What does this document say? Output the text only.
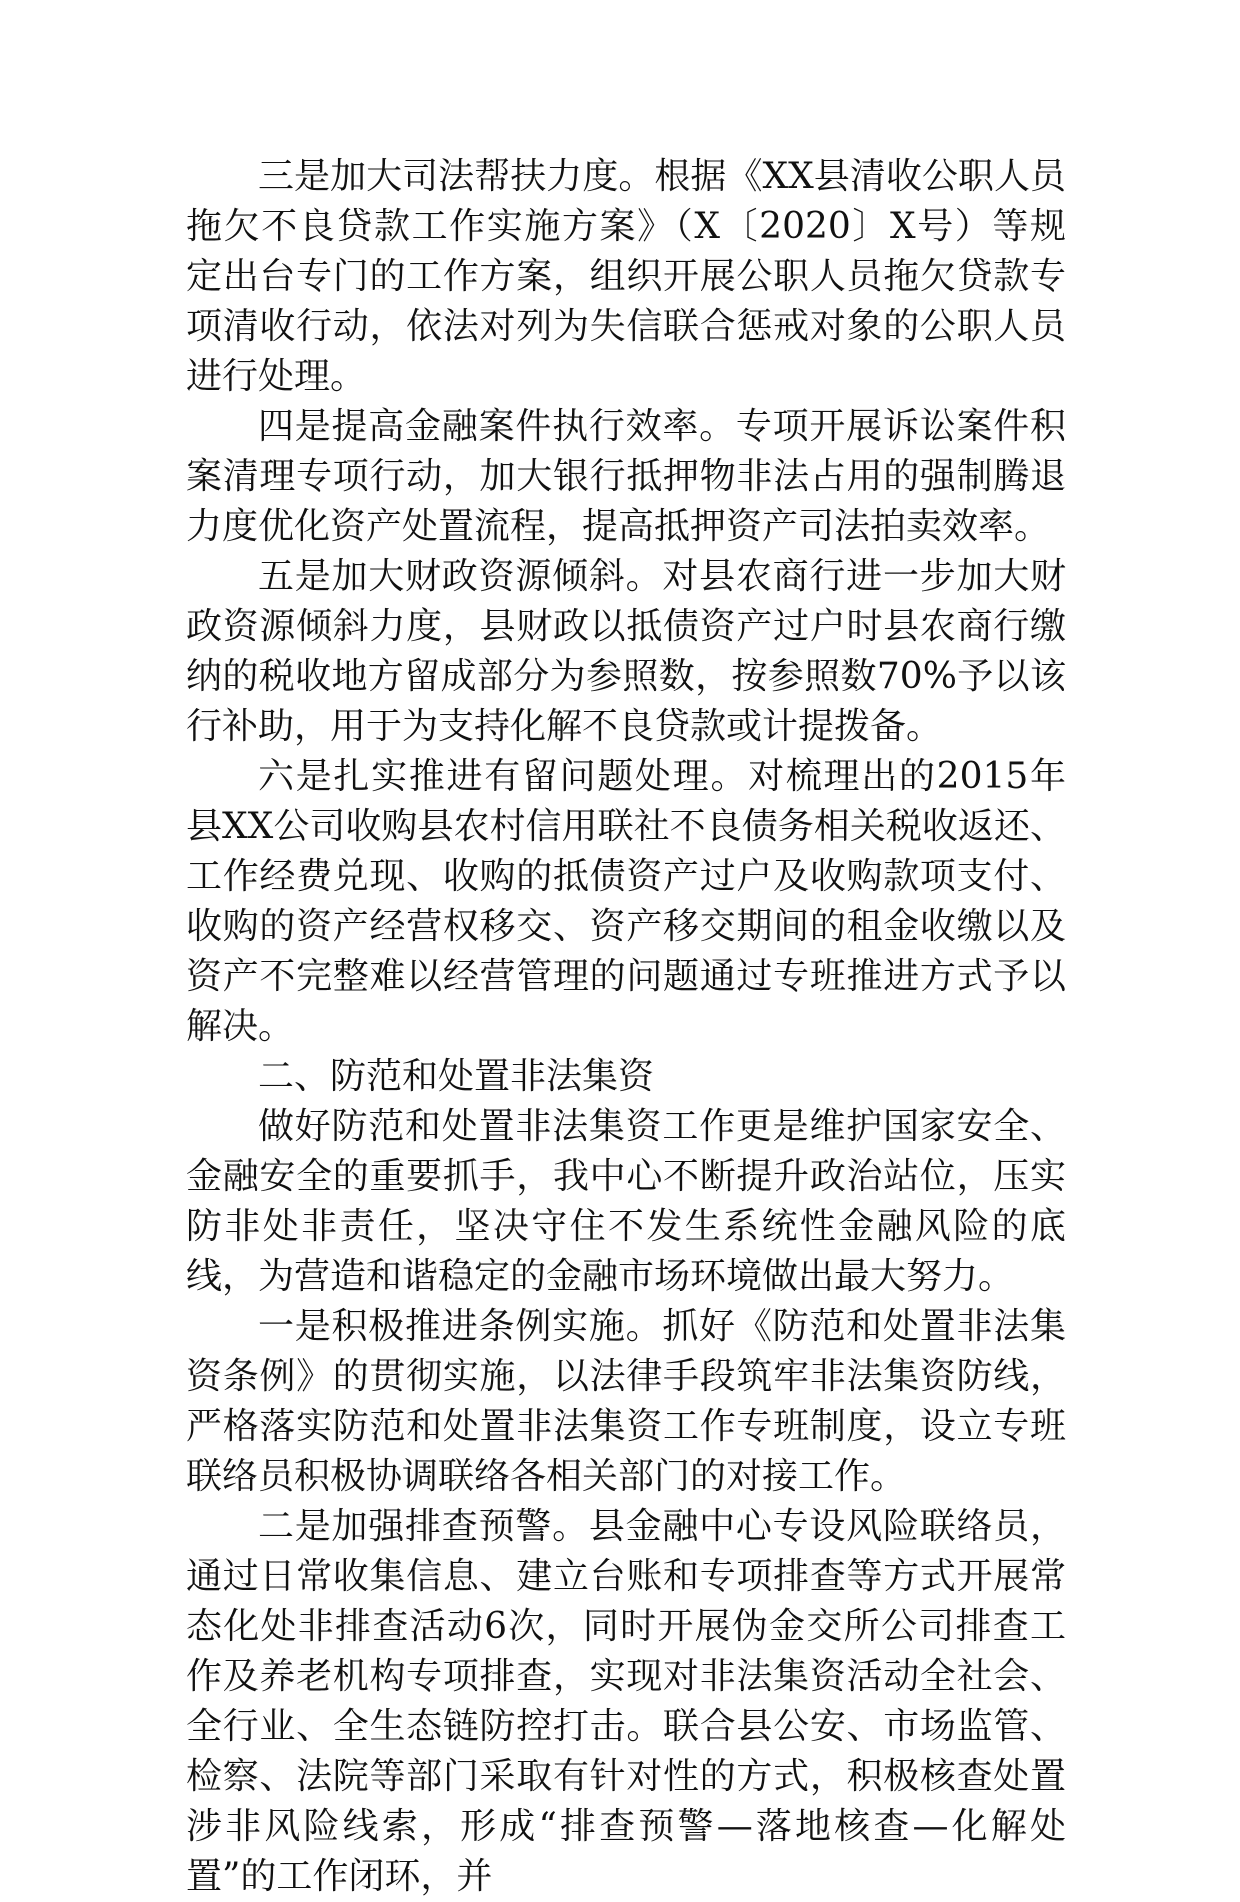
三是加大司法帮扶力度。根据《XX县清收公职人员拖欠不良贷款工作实施方案》（X〔2020〕X号）等规定出台专门的工作方案，组织开展公职人员拖欠贷款专项清收行动，依法对列为失信联合惩戒对象的公职人员进行处理。

四是提高金融案件执行效率。专项开展诉讼案件积案清理专项行动，加大银行抵押物非法占用的强制腾退力度优化资产处置流程，提高抵押资产司法拍卖效率。

五是加大财政资源倾斜。对县农商行进一步加大财政资源倾斜力度，县财政以抵债资产过户时县农商行缴纳的税收地方留成部分为参照数，按参照数70%予以该行补助，用于为支持化解不良贷款或计提拨备。

六是扎实推进有留问题处理。对梳理出的2015年县XX公司收购县农村信用联社不良债务相关税收返还、工作经费兑现、收购的抵债资产过户及收购款项支付、收购的资产经营权移交、资产移交期间的租金收缴以及资产不完整难以经营管理的问题通过专班推进方式予以解决。

二、防范和处置非法集资

做好防范和处置非法集资工作更是维护国家安全、金融安全的重要抓手，我中心不断提升政治站位，压实防非处非责任，坚决守住不发生系统性金融风险的底线，为营造和谐稳定的金融市场环境做出最大努力。

一是积极推进条例实施。抓好《防范和处置非法集资条例》的贯彻实施，以法律手段筑牢非法集资防线，严格落实防范和处置非法集资工作专班制度，设立专班联络员积极协调联络各相关部门的对接工作。

二是加强排查预警。县金融中心专设风险联络员，通过日常收集信息、建立台账和专项排查等方式开展常态化处非排查活动6次，同时开展伪金交所公司排查工作及养老机构专项排查，实现对非法集资活动全社会、全行业、全生态链防控打击。联合县公安、市场监管、检察、法院等部门采取有针对性的方式，积极核查处置涉非风险线索，形成“排查预警—落地核查—化解处置”的工作闭环，并
